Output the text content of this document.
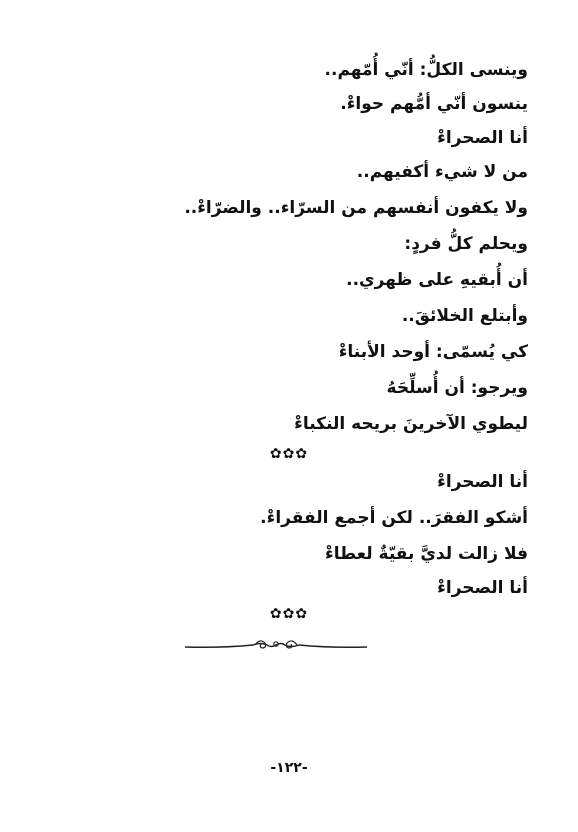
وينسى الكلُّ: أنّي أُمّهم..
ينسون أنّي أمُّهم حواءْ.
أنا الصحراءْ
من لا شيء أكفيهم..
ولا يكفون أنفسهم من السرّاء.. والضرّاءْ..
ويحلم كلُّ فردٍ:
أن أُبقيهِ على ظهري..
وأبتلع الخلائقَ..
كي يُسمّى: أوحد الأبناءْ
ويرجو: أن أُسلِّحَهُ
ليطوي الآخرينَ بريحه النكباءْ
✿✿✿
أنا الصحراءْ
أشكو الفقرَ.. لكن أجمع الفقراءْ.
فلا زالت لديَّ بقيّةٌ لعطاءْ
أنا الصحراءْ
✿✿✿
-١٢٢-
